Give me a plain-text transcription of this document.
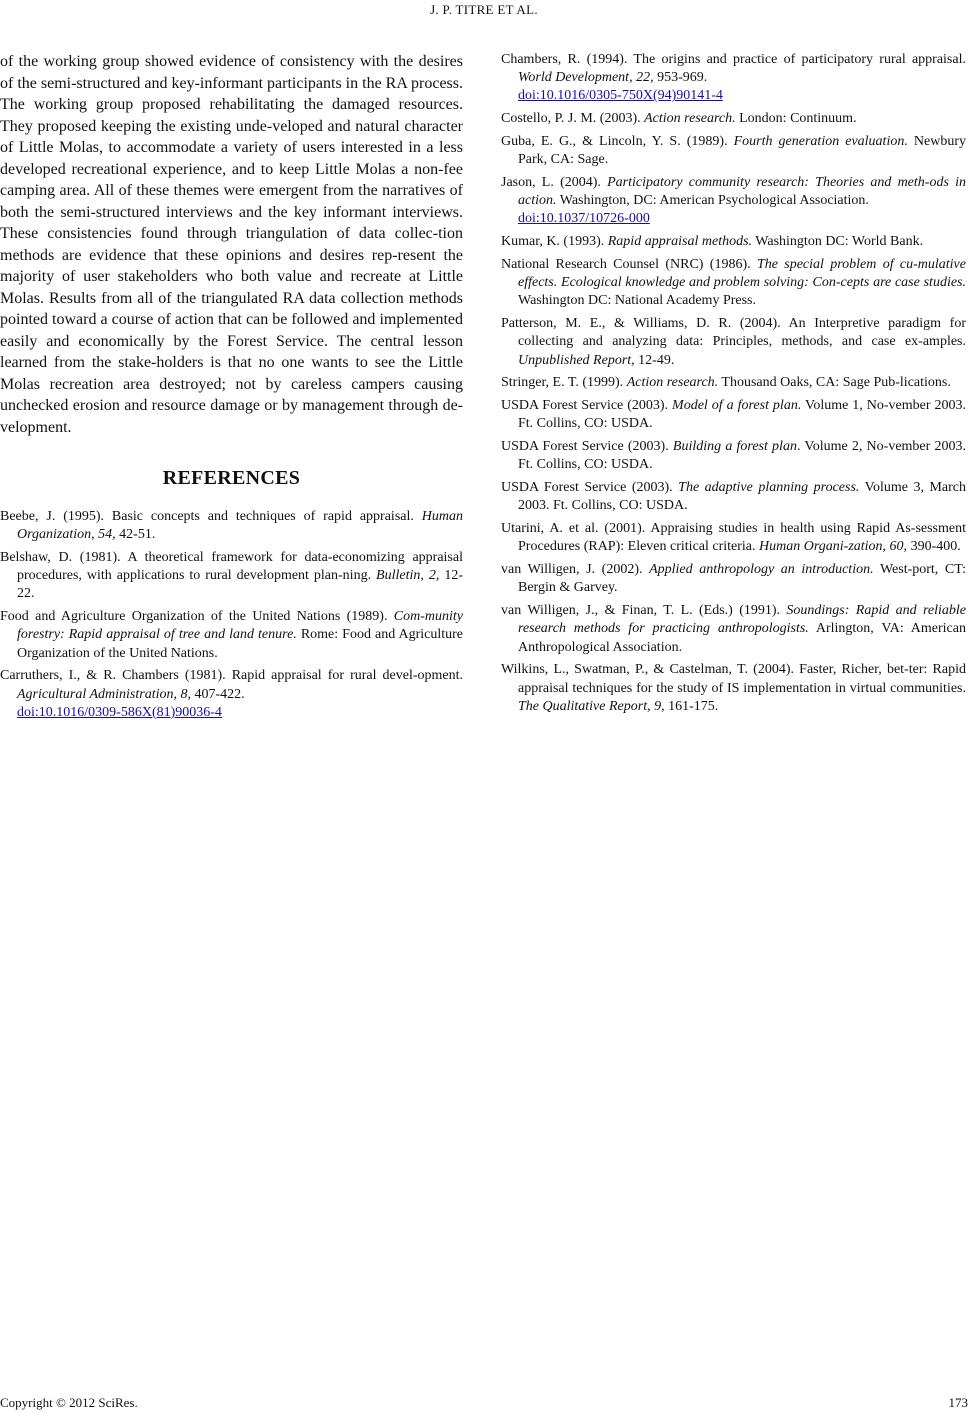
J. P. TITRE ET AL.

of the working group showed evidence of consistency with the desires of the semi-structured and key-informant participants in the RA process. The working group proposed rehabilitating the damaged resources. They proposed keeping the existing unde-veloped and natural character of Little Molas, to accommodate a variety of users interested in a less developed recreational experience, and to keep Little Molas a non-fee camping area. All of these themes were emergent from the narratives of both the semi-structured interviews and the key informant interviews. These consistencies found through triangulation of data collec-tion methods are evidence that these opinions and desires rep-resent the majority of user stakeholders who both value and recreate at Little Molas. Results from all of the triangulated RA data collection methods pointed toward a course of action that can be followed and implemented easily and economically by the Forest Service. The central lesson learned from the stake-holders is that no one wants to see the Little Molas recreation area destroyed; not by careless campers causing unchecked erosion and resource damage or by management through de-velopment.

REFERENCES
Beebe, J. (1995). Basic concepts and techniques of rapid appraisal. Human Organization, 54, 42-51.
Belshaw, D. (1981). A theoretical framework for data-economizing appraisal procedures, with applications to rural development plan-ning. Bulletin, 2, 12-22.
Food and Agriculture Organization of the United Nations (1989). Com-munity forestry: Rapid appraisal of tree and land tenure. Rome: Food and Agriculture Organization of the United Nations.
Carruthers, I., & R. Chambers (1981). Rapid appraisal for rural devel-opment. Agricultural Administration, 8, 407-422.
doi:10.1016/0309-586X(81)90036-4
Chambers, R. (1994). The origins and practice of participatory rural appraisal. World Development, 22, 953-969.
doi:10.1016/0305-750X(94)90141-4
Costello, P. J. M. (2003). Action research. London: Continuum.
Guba, E. G., & Lincoln, Y. S. (1989). Fourth generation evaluation. Newbury Park, CA: Sage.
Jason, L. (2004). Participatory community research: Theories and meth-ods in action. Washington, DC: American Psychological Association.
doi:10.1037/10726-000
Kumar, K. (1993). Rapid appraisal methods. Washington DC: World Bank.
National Research Counsel (NRC) (1986). The special problem of cu-mulative effects. Ecological knowledge and problem solving: Con-cepts are case studies. Washington DC: National Academy Press.
Patterson, M. E., & Williams, D. R. (2004). An Interpretive paradigm for collecting and analyzing data: Principles, methods, and case ex-amples. Unpublished Report, 12-49.
Stringer, E. T. (1999). Action research. Thousand Oaks, CA: Sage Pub-lications.
USDA Forest Service (2003). Model of a forest plan. Volume 1, No-vember 2003. Ft. Collins, CO: USDA.
USDA Forest Service (2003). Building a forest plan. Volume 2, No-vember 2003. Ft. Collins, CO: USDA.
USDA Forest Service (2003). The adaptive planning process. Volume 3, March 2003. Ft. Collins, CO: USDA.
Utarini, A. et al. (2001). Appraising studies in health using Rapid As-sessment Procedures (RAP): Eleven critical criteria. Human Organi-zation, 60, 390-400.
van Willigen, J. (2002). Applied anthropology an introduction. West-port, CT: Bergin & Garvey.
van Willigen, J., & Finan, T. L. (Eds.) (1991). Soundings: Rapid and reliable research methods for practicing anthropologists. Arlington, VA: American Anthropological Association.
Wilkins, L., Swatman, P., & Castelman, T. (2004). Faster, Richer, bet-ter: Rapid appraisal techniques for the study of IS implementation in virtual communities. The Qualitative Report, 9, 161-175.
Copyright © 2012 SciRes.	173
